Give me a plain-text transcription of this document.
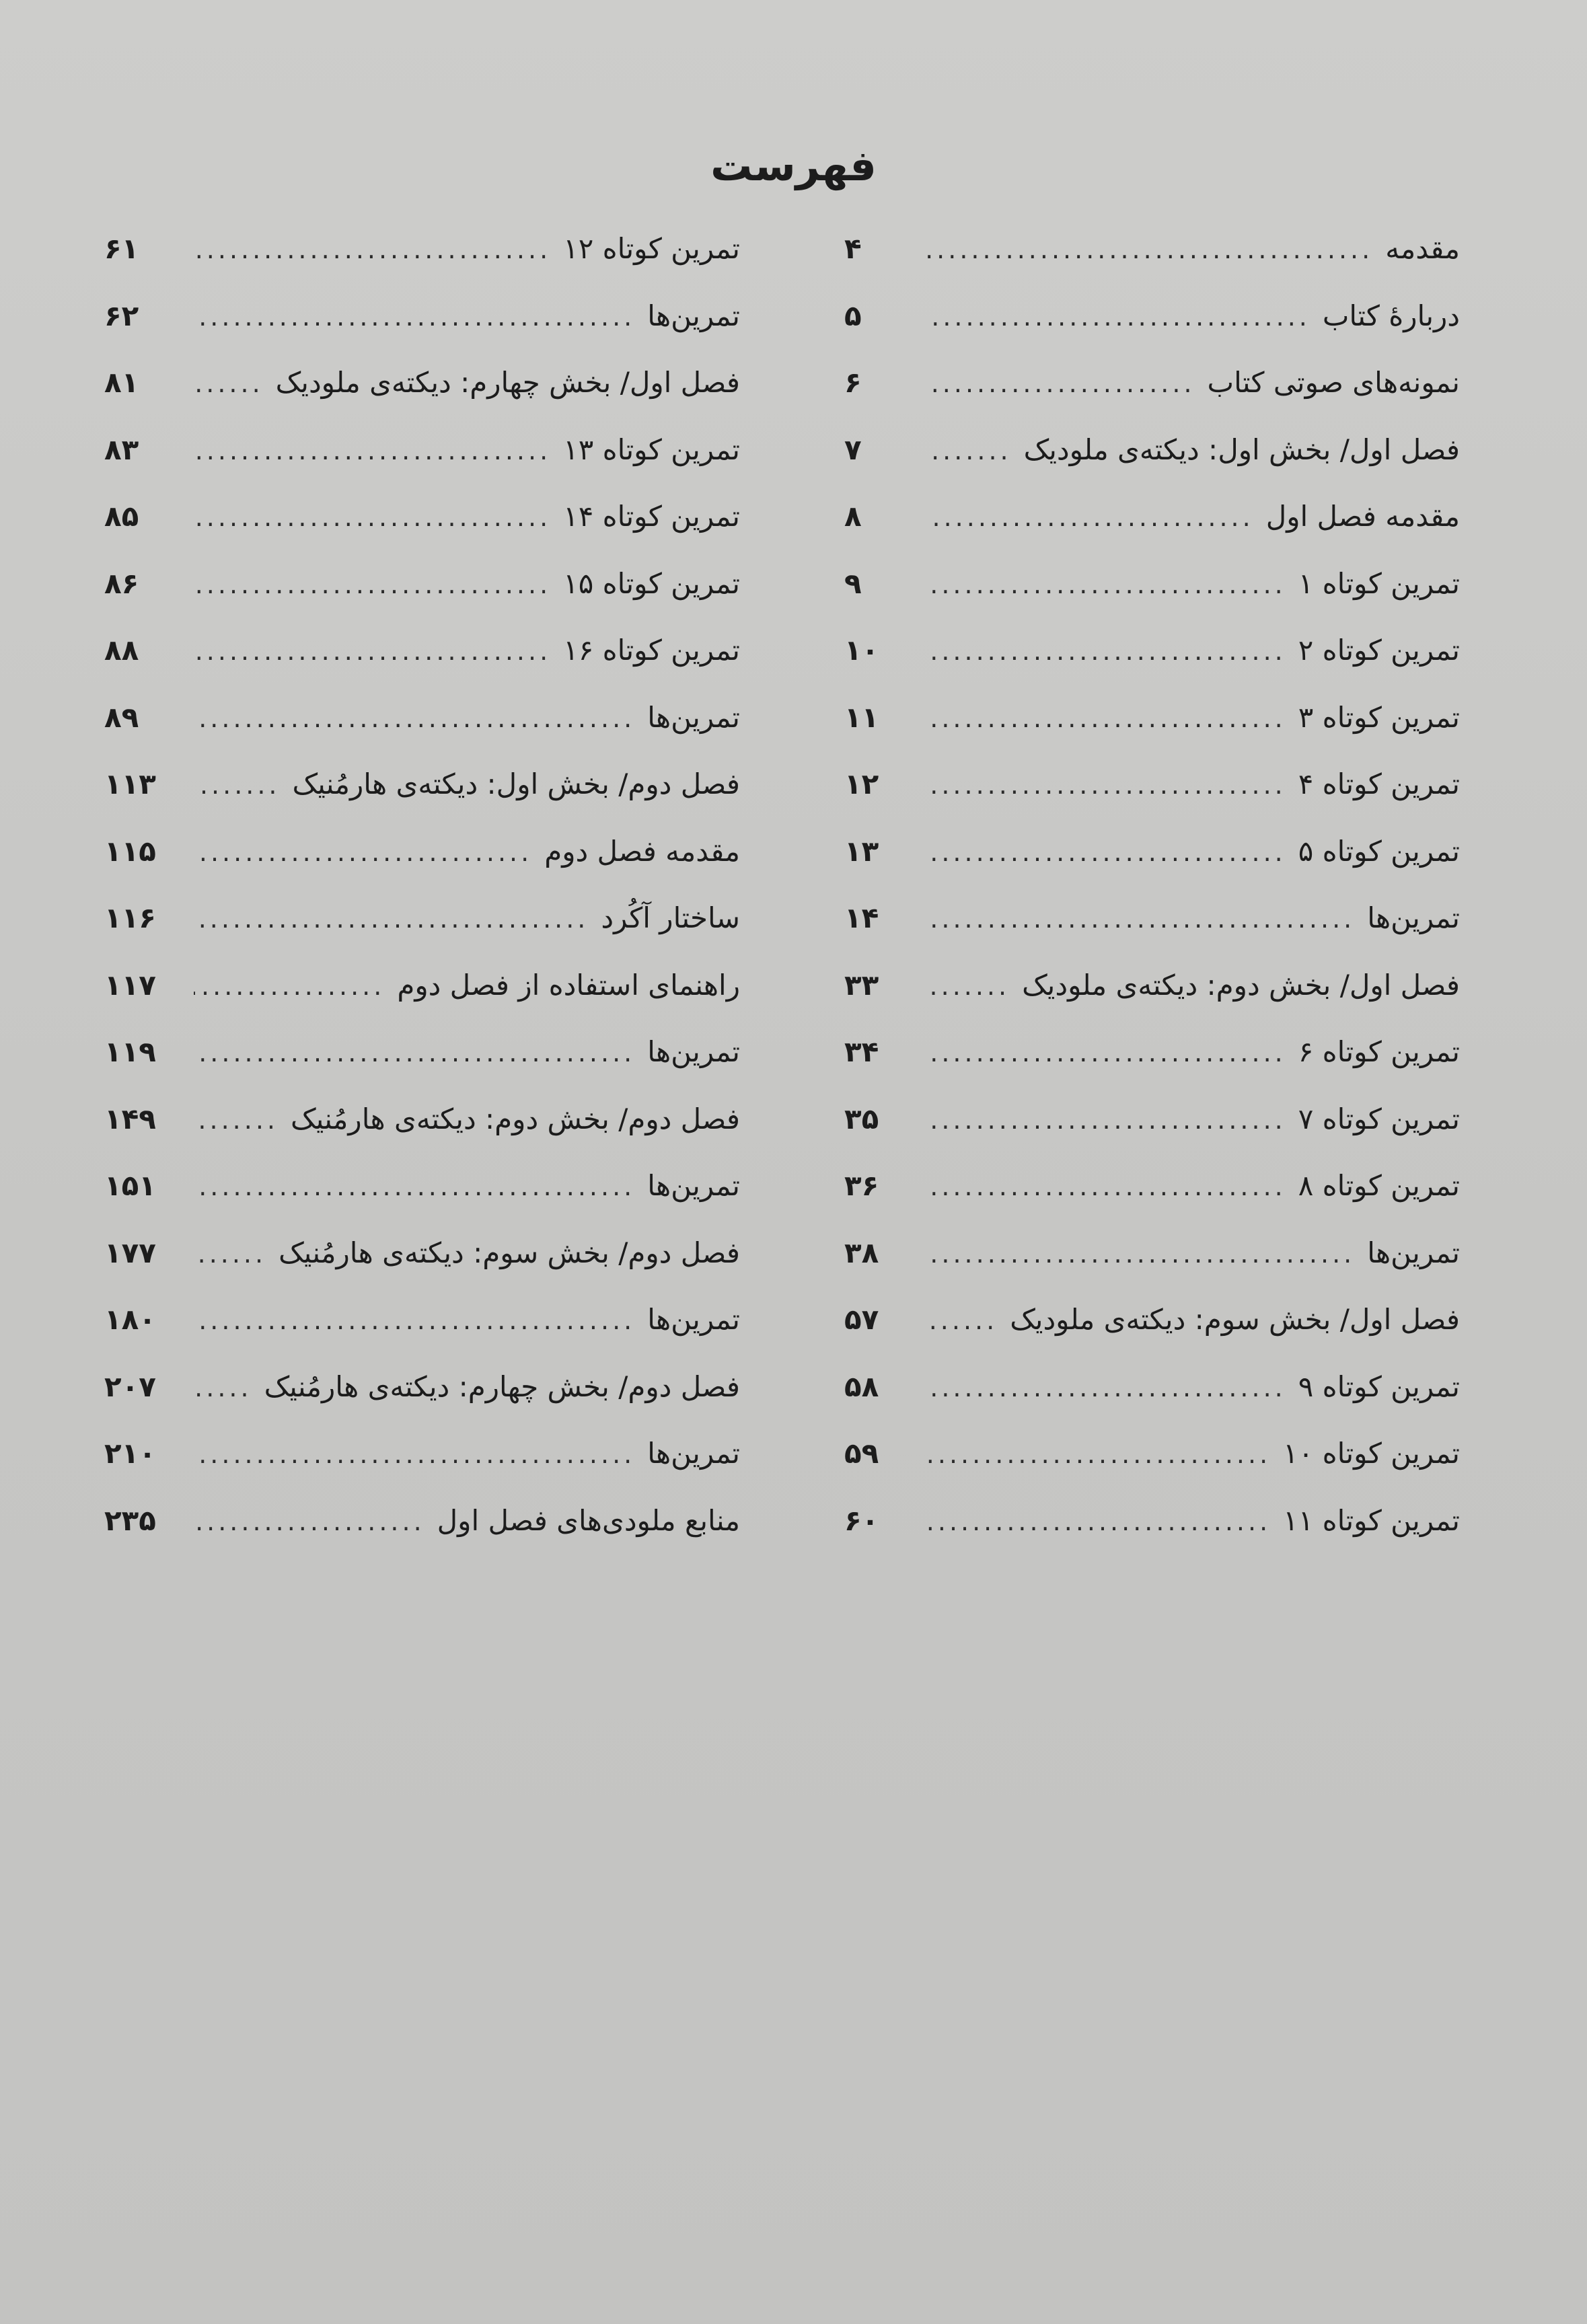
فهرست
مقدمه
.....
۴
دربارهٔ کتاب
.....
۵
نمونه‌های صوتی کتاب
.....
۶
فصل اول/ بخش اول: دیکته‌ی ملودیک
.....
۷
مقدمه فصل اول
.....
۸
تمرین کوتاه ۱
.....
۹
تمرین کوتاه ۲
.....
۱۰
تمرین کوتاه ۳
.....
۱۱
تمرین کوتاه ۴
.....
۱۲
تمرین کوتاه ۵
.....
۱۳
تمرین‌ها
.....
۱۴
فصل اول/ بخش دوم: دیکته‌ی ملودیک
.....
۳۳
تمرین کوتاه ۶
.....
۳۴
تمرین کوتاه ۷
.....
۳۵
تمرین کوتاه ۸
.....
۳۶
تمرین‌ها
.....
۳۸
فصل اول/ بخش سوم: دیکته‌ی ملودیک
.....
۵۷
تمرین کوتاه ۹
.....
۵۸
تمرین کوتاه ۱۰
.....
۵۹
تمرین کوتاه ۱۱
.....
۶۰
تمرین کوتاه ۱۲
.....
۶۱
تمرین‌ها
.....
۶۲
فصل اول/ بخش چهارم: دیکته‌ی ملودیک
.....
۸۱
تمرین کوتاه ۱۳
.....
۸۳
تمرین کوتاه ۱۴
.....
۸۵
تمرین کوتاه ۱۵
.....
۸۶
تمرین کوتاه ۱۶
.....
۸۸
تمرین‌ها
.....
۸۹
فصل دوم/ بخش اول: دیکته‌ی هارمُنیک
.....
۱۱۳
مقدمه فصل دوم
.....
۱۱۵
ساختار آکُرد
.....
۱۱۶
راهنمای استفاده از فصل دوم
.....
۱۱۷
تمرین‌ها
.....
۱۱۹
فصل دوم/ بخش دوم: دیکته‌ی هارمُنیک
.....
۱۴۹
تمرین‌ها
.....
۱۵۱
فصل دوم/ بخش سوم: دیکته‌ی هارمُنیک
.....
۱۷۷
تمرین‌ها
.....
۱۸۰
فصل دوم/ بخش چهارم: دیکته‌ی هارمُنیک
.....
۲۰۷
تمرین‌ها
.....
۲۱۰
منابع ملودی‌های فصل اول
.....
۲۳۵
